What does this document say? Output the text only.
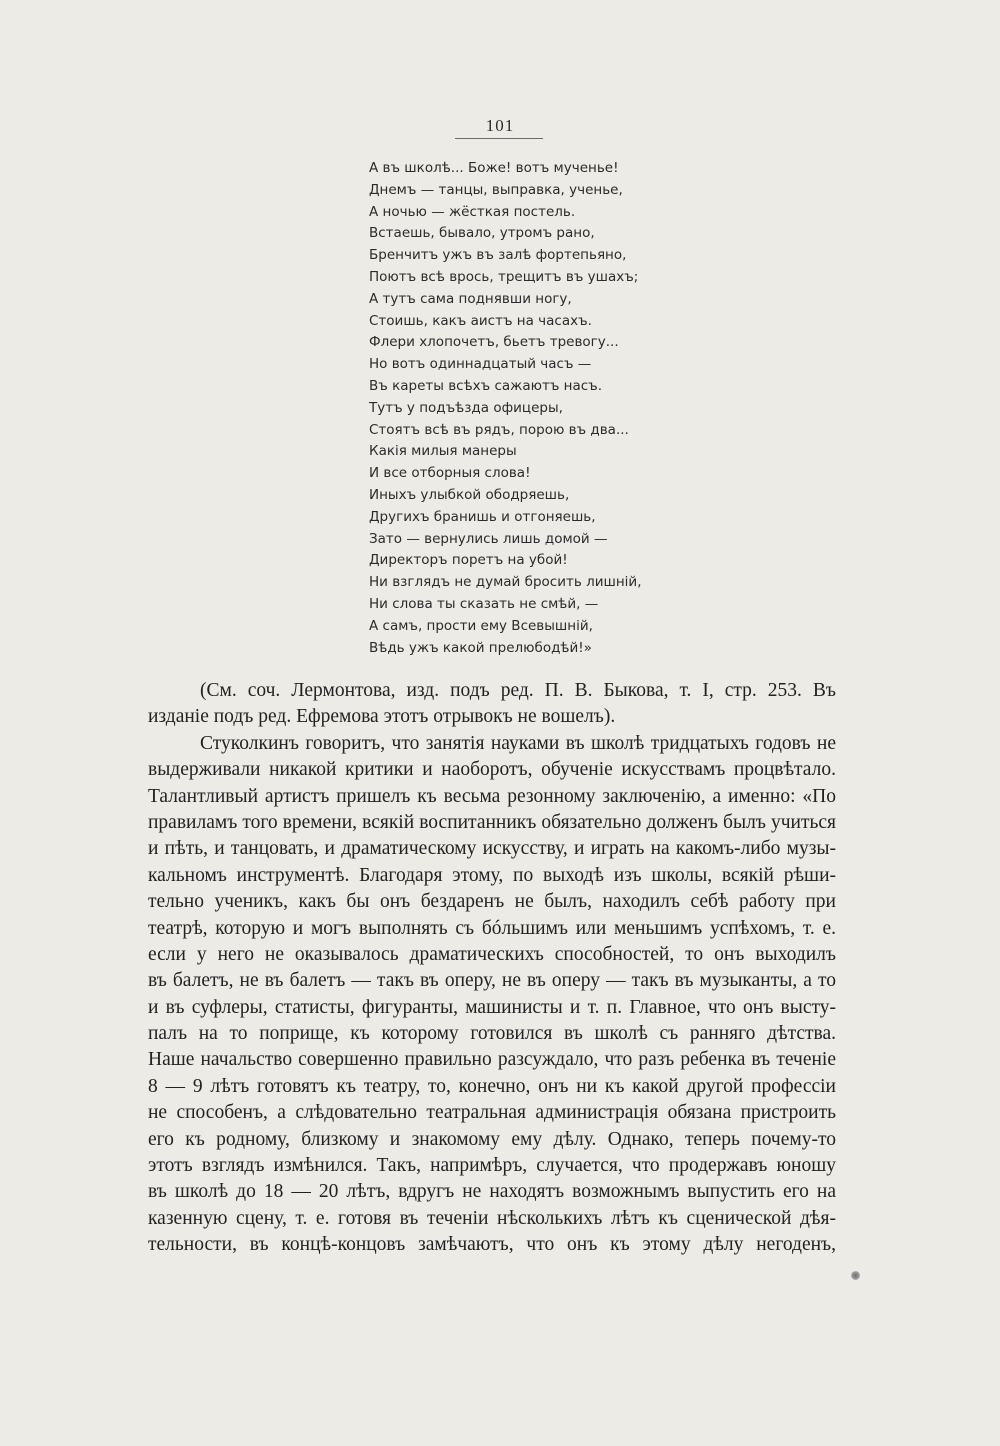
101
А въ школѣ... Боже! вотъ мученье!
Днемъ — танцы, выправка, ученье,
А ночью — жёсткая постель.
Встаешь, бывало, утромъ рано,
Бренчитъ ужъ въ залѣ фортепьяно,
Поютъ всѣ врось, трещитъ въ ушахъ;
А тутъ сама поднявши ногу,
Стоишь, какъ аистъ на часахъ.
Флери хлопочетъ, бьетъ тревогу...
Но вотъ одиннадцатый часъ —
Въ кареты всѣхъ сажаютъ насъ.
Тутъ у подъѣзда офицеры,
Стоятъ всѣ въ рядъ, порою въ два...
Какія милыя манеры
И все отборныя слова!
Иныхъ улыбкой ободряешь,
Другихъ бранишь и отгоняешь,
Зато — вернулись лишь домой —
Директоръ поретъ на убой!
Ни взглядъ не думай бросить лишній,
Ни слова ты сказать не смѣй, —
А самъ, прости ему Всевышній,
Вѣдь ужъ какой прелюбодѣй!»
(См. соч. Лермонтова, изд. подъ ред. П. В. Быкова, т. I, стр. 253. Въ
изданіе подъ ред. Ефремова этотъ отрывокъ не вошелъ).
Стуколкинъ говоритъ, что занятія науками въ школѣ тридцатыхъ годовъ не
выдерживали никакой критики и наоборотъ, обученіе искусствамъ процвѣтало.
Талантливый артистъ пришелъ къ весьма резонному заключенію, а именно: «По
правиламъ того времени, всякій воспитанникъ обязательно долженъ былъ учиться
и пѣть, и танцовать, и драматическому искусству, и играть на какомъ-либо музы-
кальномъ инструментѣ. Благодаря этому, по выходѣ изъ школы, всякій рѣши-
тельно ученикъ, какъ бы онъ бездаренъ не былъ, находилъ себѣ работу при
театрѣ, которую и могъ выполнять съ бóльшимъ или меньшимъ успѣхомъ, т. е.
если у него не оказывалось драматическихъ способностей, то онъ выходилъ
въ балетъ, не въ балетъ — такъ въ оперу, не въ оперу — такъ въ музыканты, а то
и въ суфлеры, статисты, фигуранты, машинисты и т. п. Главное, что онъ высту-
палъ на то поприще, къ которому готовился въ школѣ съ ранняго дѣтства.
Наше начальство совершенно правильно разсуждало, что разъ ребенка въ теченіе
8 — 9 лѣтъ готовятъ къ театру, то, конечно, онъ ни къ какой другой профессіи
не способенъ, а слѣдовательно театральная администрація обязана пристроить
его къ родному, близкому и знакомому ему дѣлу. Однако, теперь почему-то
этотъ взглядъ измѣнился. Такъ, напримѣръ, случается, что продержавъ юношу
въ школѣ до 18 — 20 лѣтъ, вдругъ не находятъ возможнымъ выпустить его на
казенную сцену, т. е. готовя въ теченіи нѣсколькихъ лѣтъ къ сценической дѣя-
тельности, въ концѣ-концовъ замѣчаютъ, что онъ къ этому дѣлу негоденъ,
